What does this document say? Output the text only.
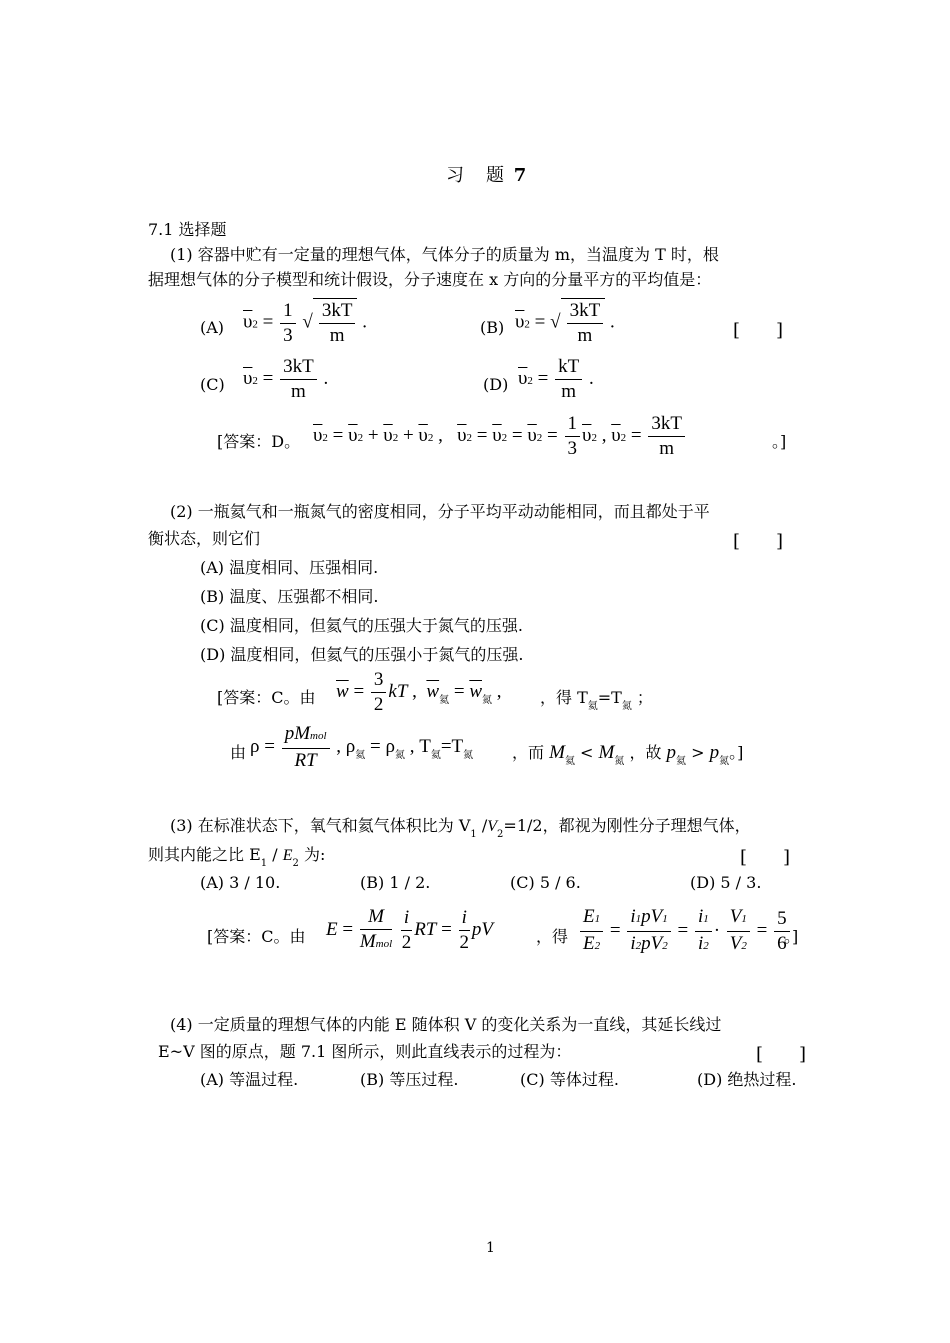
习　题 7
7.1 选择题
(1) 容器中贮有一定量的理想气体，气体分子的质量为 m，当温度为 T 时，根
据理想气体的分子模型和统计假设，分子速度在 x 方向的分量平方的平均值是：
(A) $\overline{\upsilon}2 = \frac{1}{3}$ √ $\frac{3kT}{m}$ .	(B) $\overline{\upsilon}2$ = √ $\frac{3kT}{m}$ .	[　　]
(C) $\overline{\upsilon}2 = \frac{3kT}{m}$ .	(D) $\overline{\upsilon}2 = \frac{kT}{m}$ .
[答案：D。 $\overline{\upsilon}2 = \overline{\upsilon}2 + \overline{\upsilon}2 + \overline{\upsilon}2$ ,   $\overline{\upsilon}2 = \overline{\upsilon}2 = \overline{\upsilon}2 = \frac{1}{3} \overline{\upsilon}2$ , $\overline{\upsilon}2 = \frac{3kT}{m}$	。]
(2) 一瓶氦气和一瓶氮气的密度相同，分子平均平动动能相同，而且都处于平
衡状态，则它们	[　　]
(A) 温度相同、压强相同.
(B) 温度、压强都不相同.
(C) 温度相同，但氦气的压强大于氮气的压强.
(D) 温度相同，但氦气的压强小于氮气的压强.
[答案：C。由 $\overline{w} = \frac{3}{2}$ kT ,  $\overline{w}_氦 = \overline{w}_氮$ , ，得 $T_氦=T_氮$ ；
由 $\rho = \frac{\text{pMmol}}{RT}$ , $\rho_氦 = \rho_氮$ , $T_氦=T_氮$ ，而 $M_氦 < M_氮$ ，故 $p_氦 > p_氮$。]
(3) 在标准状态下，氧气和氦气体积比为 $V_1$ $/V_2=1/2$，都视为刚性分子理想气体，
则其内能之比 $E_1 / E_2$ 为:	[　　]
(A) 3 / 10.	(B) 1 / 2.	(C) 5 / 6.	(D) 5 / 3.
[答案：C。由 $E = \frac{M}{\text{Mmol}}$
$\frac{i}{2}$ RT = $\frac{i}{2}$ pV	，得 $\frac{E1}{E2} = \frac{i1pV1}{i2pV2} = \frac{i1}{i2} \cdot \frac{V1}{V2} = \frac{5}{6}$
。]
(4) 一定质量的理想气体的内能 E 随体积 V 的变化关系为一直线，其延长线过
E~V 图的原点，题 7.1 图所示，则此直线表示的过程为：	[　　]
(A) 等温过程.	(B) 等压过程.	(C) 等体过程.	(D) 绝热过程.
1
